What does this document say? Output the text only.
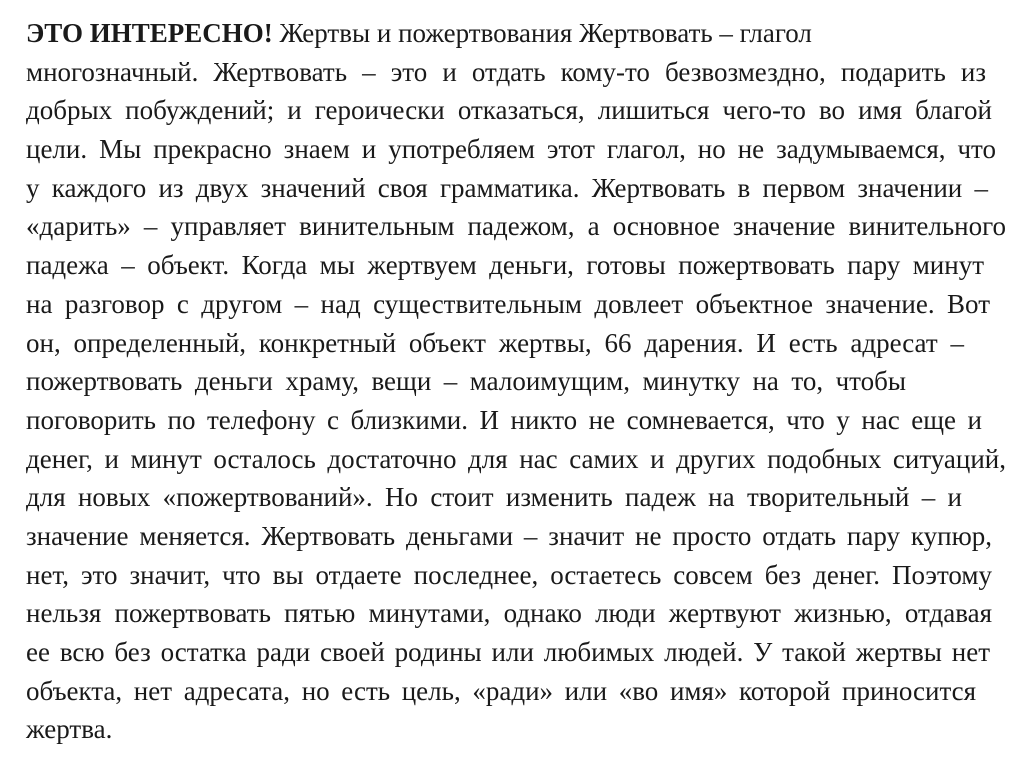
ЭТО ИНТЕРЕСНО! Жертвы и пожертвования Жертвовать – глагол
многозначный. Жертвовать – это и отдать кому-то безвозмездно, подарить из
добрых побуждений; и героически отказаться, лишиться чего-то во имя благой
цели. Мы прекрасно знаем и употребляем этот глагол, но не задумываемся, что
у каждого из двух значений своя грамматика. Жертвовать в первом значении –
«дарить» – управляет винительным падежом, а основное значение винительного
падежа – объект. Когда мы жертвуем деньги, готовы пожертвовать пару минут
на разговор с другом – над существительным довлеет объектное значение. Вот
он, определенный, конкретный объект жертвы, 66 дарения. И есть адресат –
пожертвовать деньги храму, вещи – малоимущим, минутку на то, чтобы
поговорить по телефону с близкими. И никто не сомневается, что у нас еще и
денег, и минут осталось достаточно для нас самих и других подобных ситуаций,
для новых «пожертвований». Но стоит изменить падеж на творительный – и
значение меняется. Жертвовать деньгами – значит не просто отдать пару купюр,
нет, это значит, что вы отдаете последнее, остаетесь совсем без денег. Поэтому
нельзя пожертвовать пятью минутами, однако люди жертвуют жизнью, отдавая
ее всю без остатка ради своей родины или любимых людей. У такой жертвы нет
объекта, нет адресата, но есть цель, «ради» или «во имя» которой приносится
жертва.
